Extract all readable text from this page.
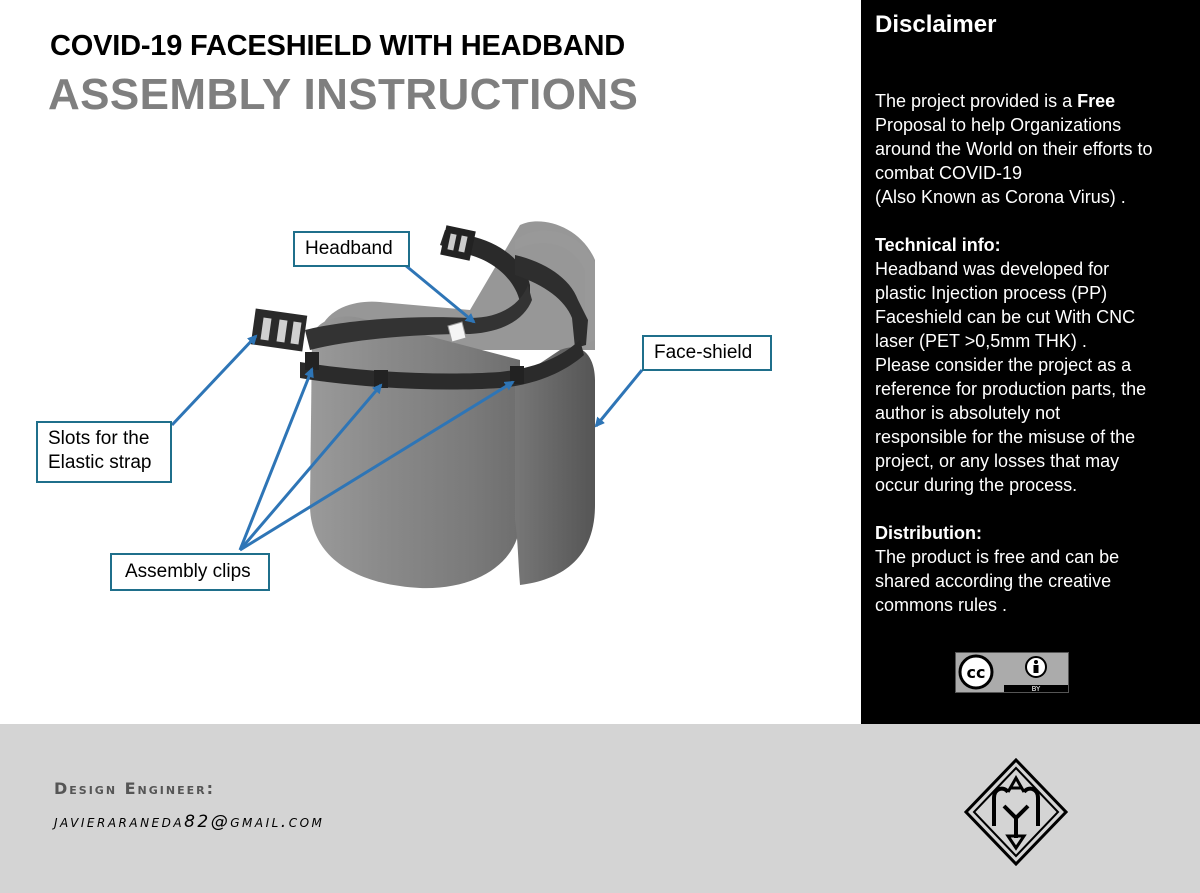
COVID-19 FACESHIELD WITH HEADBAND
ASSEMBLY INSTRUCTIONS
Headband
Face-shield
Slots for the
Elastic strap
Assembly clips
Disclaimer
The project provided is a Free
Proposal to help Organizations
around the World on their efforts to
combat COVID-19
(Also Known as Corona Virus) .
Technical info:
Headband was developed for
plastic Injection process (PP)
Faceshield can be cut With CNC
laser (PET >0,5mm THK) .
Please consider the project as a
reference for production parts, the
author is absolutely not
responsible for the misuse of the
project, or any losses that may
occur during the process.
Distribution:
The product is free and can be
shared according the creative
commons rules .
cc
BY
Design Engineer:
javieraraneda82@gmail.com
